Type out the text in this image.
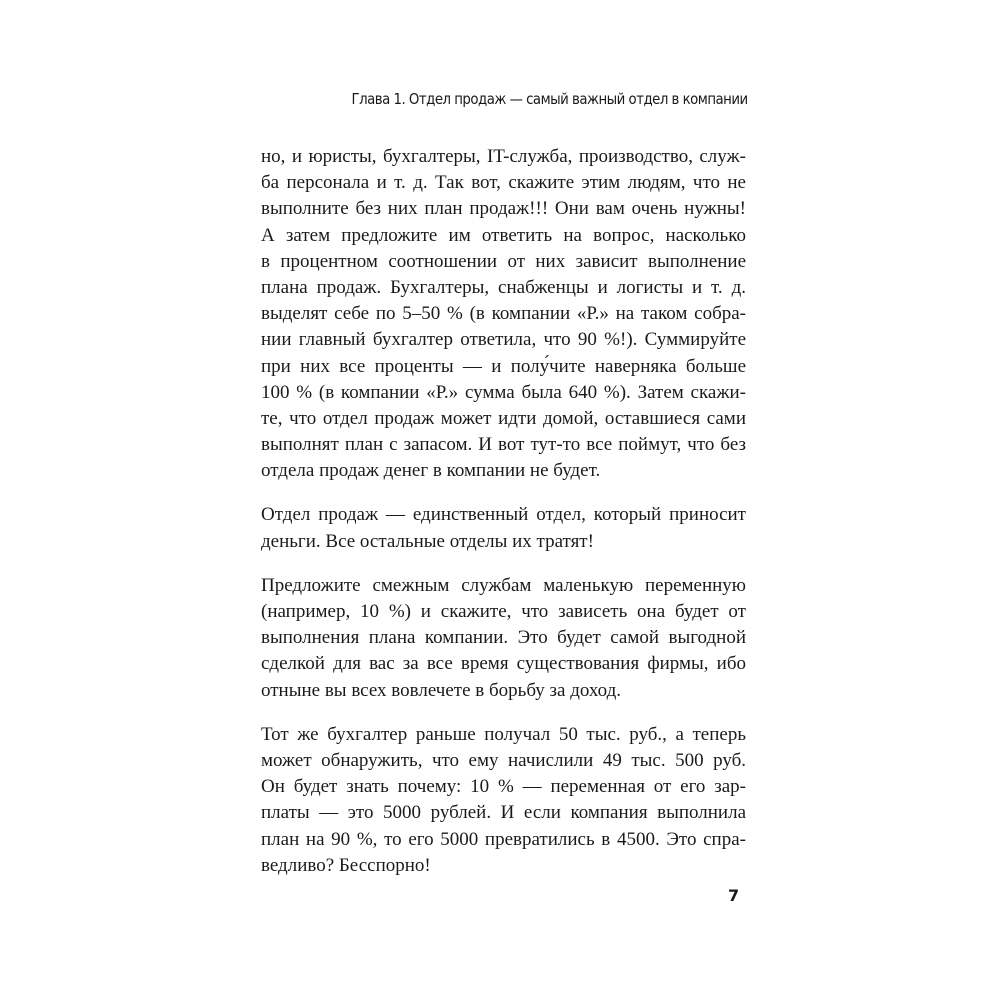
Глава 1. Отдел продаж — самый важный отдел в компании
но, и юристы, бухгалтеры, IT-служба, производство, служ-
ба персонала и т. д. Так вот, скажите этим людям, что не
выполните без них план продаж!!! Они вам очень нужны!
А затем предложите им ответить на вопрос, насколько
в процентном соотношении от них зависит выполнение
плана продаж. Бухгалтеры, снабженцы и логисты и т. д.
выделят себе по 5–50 % (в компании «Р.» на таком собра-
нии главный бухгалтер ответила, что 90 %!). Суммируйте
при них все проценты — и полу́чите наверняка больше
100 % (в компании «Р.» сумма была 640 %). Затем скажи-
те, что отдел продаж может идти домой, оставшиеся сами
выполнят план с запасом. И вот тут-то все поймут, что без
отдела продаж денег в компании не будет.
Отдел продаж — единственный отдел, который приносит
деньги. Все остальные отделы их тратят!
Предложите смежным службам маленькую переменную
(например, 10 %) и скажите, что зависеть она будет от
выполнения плана компании. Это будет самой выгодной
сделкой для вас за все время существования фирмы, ибо
отныне вы всех вовлечете в борьбу за доход.
Тот же бухгалтер раньше получал 50 тыс. руб., а теперь
может обнаружить, что ему начислили 49 тыс. 500 руб.
Он будет знать почему: 10 % — переменная от его зар-
платы — это 5000 рублей. И если компания выполнила
план на 90 %, то его 5000 превратились в 4500. Это спра-
ведливо? Бесспорно!
7
